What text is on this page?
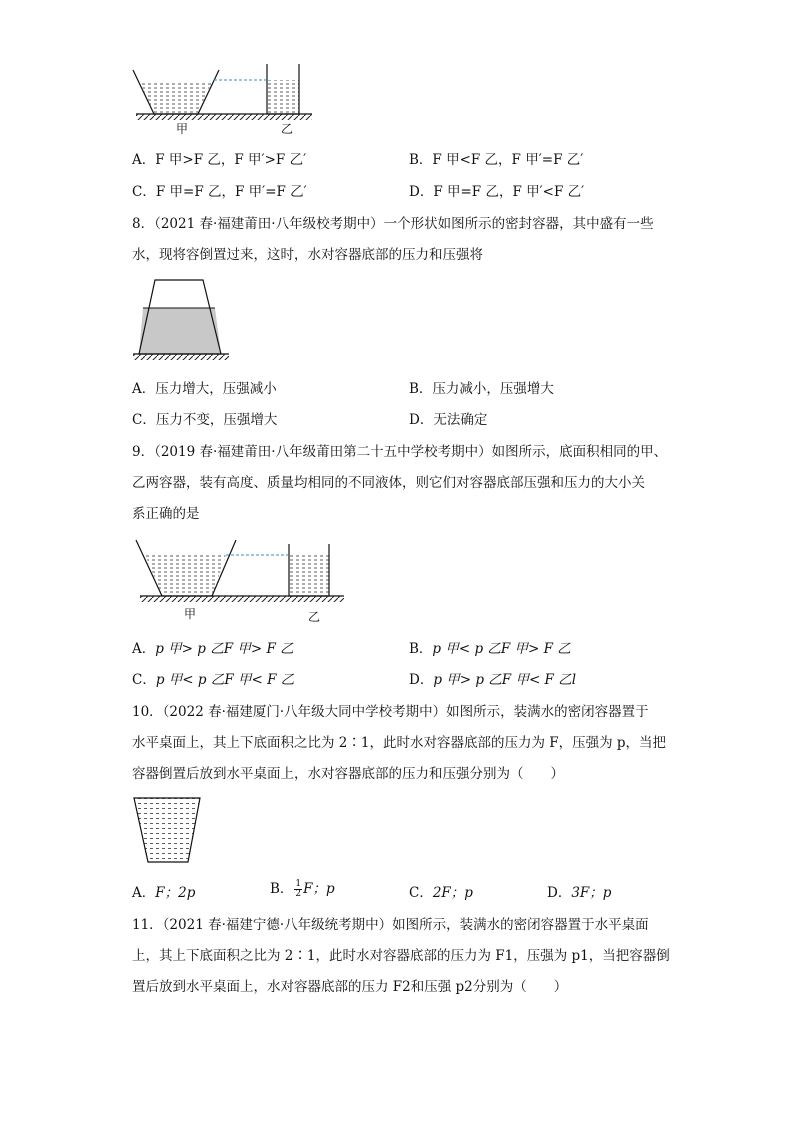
甲	乙
A．F 甲>F 乙，F 甲′>F 乙′	B．F 甲<F 乙，F 甲′=F 乙′
C．F 甲=F 乙，F 甲′=F 乙′	D．F 甲=F 乙，F 甲′<F 乙′
8．（2021 春·福建莆田·八年级校考期中）一个形状如图所示的密封容器，其中盛有一些
水，现将容倒置过来，这时，水对容器底部的压力和压强将
A．压力增大，压强减小	B．压力减小，压强增大
C．压力不变，压强增大	D．无法确定
9．（2019 春·福建莆田·八年级莆田第二十五中学校考期中）如图所示，底面积相同的甲、
乙两容器，装有高度、质量均相同的不同液体，则它们对容器底部压强和压力的大小关
系正确的是
甲	乙
A．p 甲> p 乙F 甲> F 乙	B．p 甲< p 乙F 甲> F 乙
C．p 甲< p 乙F 甲< F 乙	D．p 甲> p 乙F 甲< F 乙l
10．（2022 春·福建厦门·八年级大同中学校考期中）如图所示，装满水的密闭容器置于
水平桌面上，其上下底面积之比为 2∶1，此时水对容器底部的压力为 F，压强为 p，当把
容器倒置后放到水平桌面上，水对容器底部的压力和压强分别为（　　）
A．F；2p	B． $\frac{1}{2}$ F；p	C．2F；p	D．3F；p
11．（2021 春·福建宁德·八年级统考期中）如图所示，装满水的密闭容器置于水平桌面
上，其上下底面积之比为 2∶1，此时水对容器底部的压力为 F1，压强为 p1，当把容器倒
置后放到水平桌面上，水对容器底部的压力 F2和压强 p2分别为（　　）
